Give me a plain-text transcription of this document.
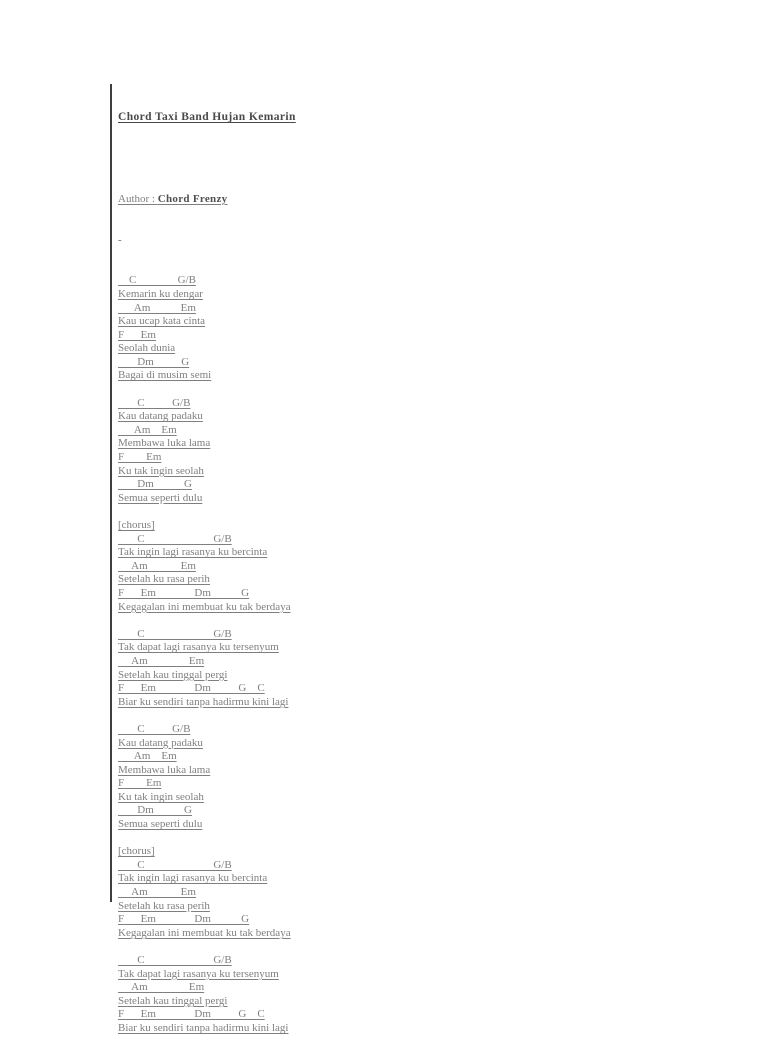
Chord Taxi Band Hujan Kemarin

Author : Chord Frenzy

-

C               G/B
Kemarin ku dengar
Am           Em
Kau ucap kata cinta
F      Em
Seolah dunia
Dm          G
Bagai di musim semi
C          G/B
Kau datang padaku
Am    Em
Membawa luka lama
F        Em
Ku tak ingin seolah
Dm           G
Semua seperti dulu
[chorus]
C                         G/B
Tak ingin lagi rasanya ku bercinta
Am            Em
Setelah ku rasa perih
F      Em              Dm           G
Kegagalan ini membuat ku tak berdaya
C                         G/B
Tak dapat lagi rasanya ku tersenyum
Am               Em
Setelah kau tinggal pergi
F      Em              Dm          G    C
Biar ku sendiri tanpa hadirmu kini lagi
C          G/B
Kau datang padaku
Am    Em
Membawa luka lama
F        Em
Ku tak ingin seolah
Dm           G
Semua seperti dulu
[chorus]
C                         G/B
Tak ingin lagi rasanya ku bercinta
Am            Em
Setelah ku rasa perih
F      Em              Dm           G
Kegagalan ini membuat ku tak berdaya
C                         G/B
Tak dapat lagi rasanya ku tersenyum
Am               Em
Setelah kau tinggal pergi
F      Em              Dm          G    C
Biar ku sendiri tanpa hadirmu kini lagi
